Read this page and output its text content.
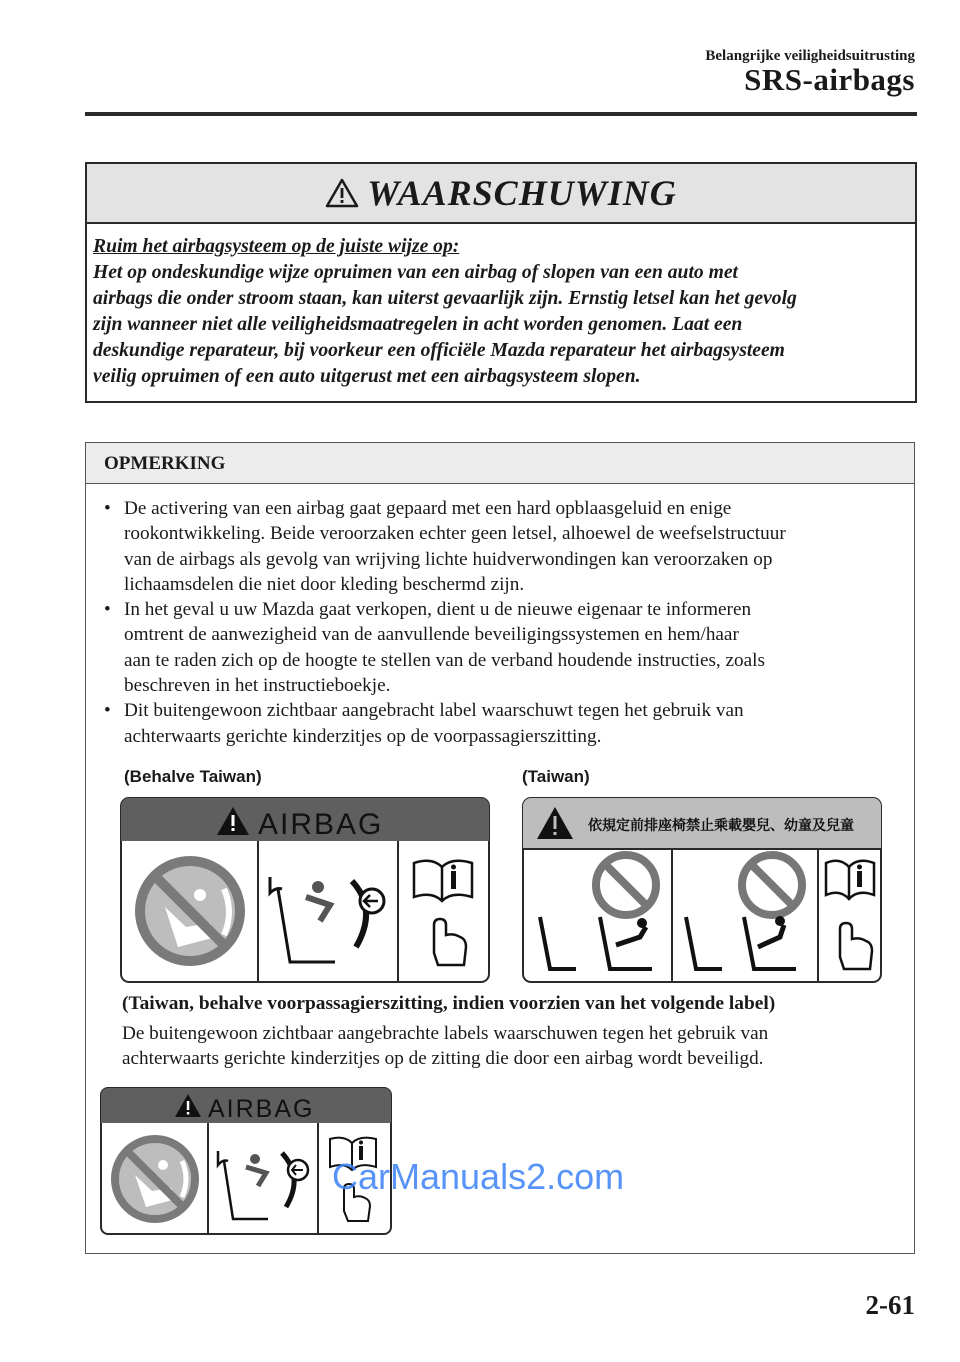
Belangrijke veiligheidsuitrusting
SRS-airbags
WAARSCHUWING
Ruim het airbagsysteem op de juiste wijze op:
Het op ondeskundige wijze opruimen van een airbag of slopen van een auto met
airbags die onder stroom staan, kan uiterst gevaarlijk zijn. Ernstig letsel kan het gevolg
zijn wanneer niet alle veiligheidsmaatregelen in acht worden genomen. Laat een
deskundige reparateur, bij voorkeur een officiële Mazda reparateur het airbagsysteem
veilig opruimen of een auto uitgerust met een airbagsysteem slopen.
OPMERKING
• De activering van een airbag gaat gepaard met een hard opblaasgeluid en enige
rookontwikkeling. Beide veroorzaken echter geen letsel, alhoewel de weefselstructuur
van de airbags als gevolg van wrijving lichte huidverwondingen kan veroorzaken op
lichaamsdelen die niet door kleding beschermd zijn.
• In het geval u uw Mazda gaat verkopen, dient u de nieuwe eigenaar te informeren
omtrent de aanwezigheid van de aanvullende beveiligingssystemen en hem/haar
aan te raden zich op de hoogte te stellen van de verband houdende instructies, zoals
beschreven in het instructieboekje.
• Dit buitengewoon zichtbaar aangebracht label waarschuwt tegen het gebruik van
achterwaarts gerichte kinderzitjes op de voorpassagierszitting.
(Behalve Taiwan)	(Taiwan)
AIRBAG	依規定前排座椅禁止乘載嬰兒、幼童及兒童
(Taiwan, behalve voorpassagierszitting, indien voorzien van het volgende label)
De buitengewoon zichtbaar aangebrachte labels waarschuwen tegen het gebruik van
achterwaarts gerichte kinderzitjes op de zitting die door een airbag wordt beveiligd.
AIRBAG
CarManuals2.com
2-61
carmanualsonline.info
